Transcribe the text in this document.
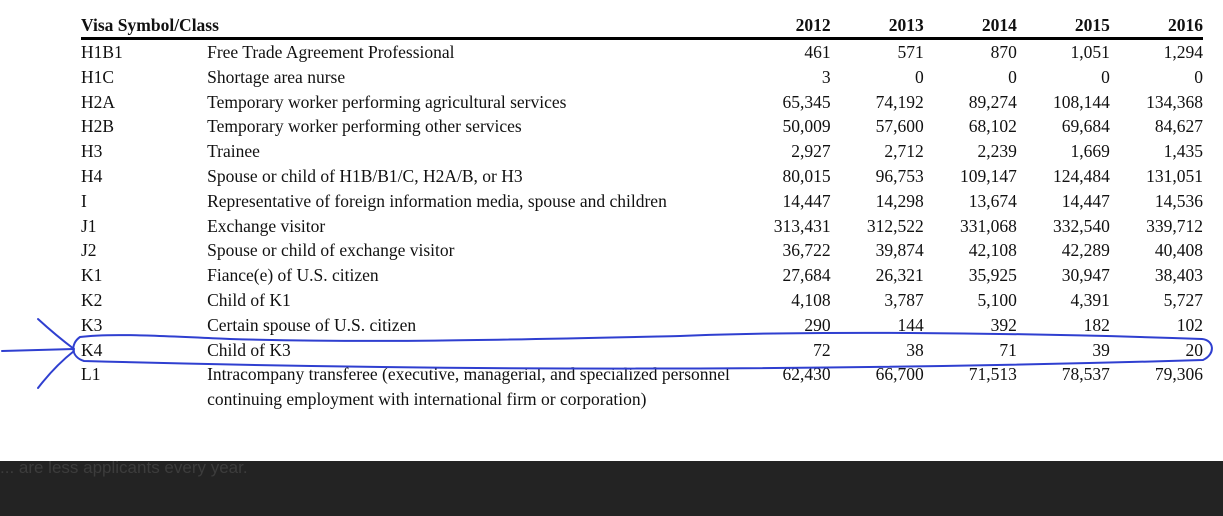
Visa Symbol/Class		2012	2013	2014	2015	2016
H1B1	Free Trade Agreement Professional	461	571	870	1,051	1,294
H1C	Shortage area nurse	3	0	0	0	0
H2A	Temporary worker performing agricultural services	65,345	74,192	89,274	108,144	134,368
H2B	Temporary worker performing other services	50,009	57,600	68,102	69,684	84,627
H3	Trainee	2,927	2,712	2,239	1,669	1,435
H4	Spouse or child of H1B/B1/C, H2A/B, or H3	80,015	96,753	109,147	124,484	131,051
I	Representative of foreign information media, spouse and children	14,447	14,298	13,674	14,447	14,536
J1	Exchange visitor	313,431	312,522	331,068	332,540	339,712
J2	Spouse or child of exchange visitor	36,722	39,874	42,108	42,289	40,408
K1	Fiance(e) of U.S. citizen	27,684	26,321	35,925	30,947	38,403
K2	Child of K1	4,108	3,787	5,100	4,391	5,727
K3	Certain spouse of U.S. citizen	290	144	392	182	102
K4	Child of K3	72	38	71	39	20
L1	Intracompany transferee (executive, managerial, and specialized personnel continuing employment with international firm or corporation)	62,430	66,700	71,513	78,537	79,306

... are less applicants every year.
